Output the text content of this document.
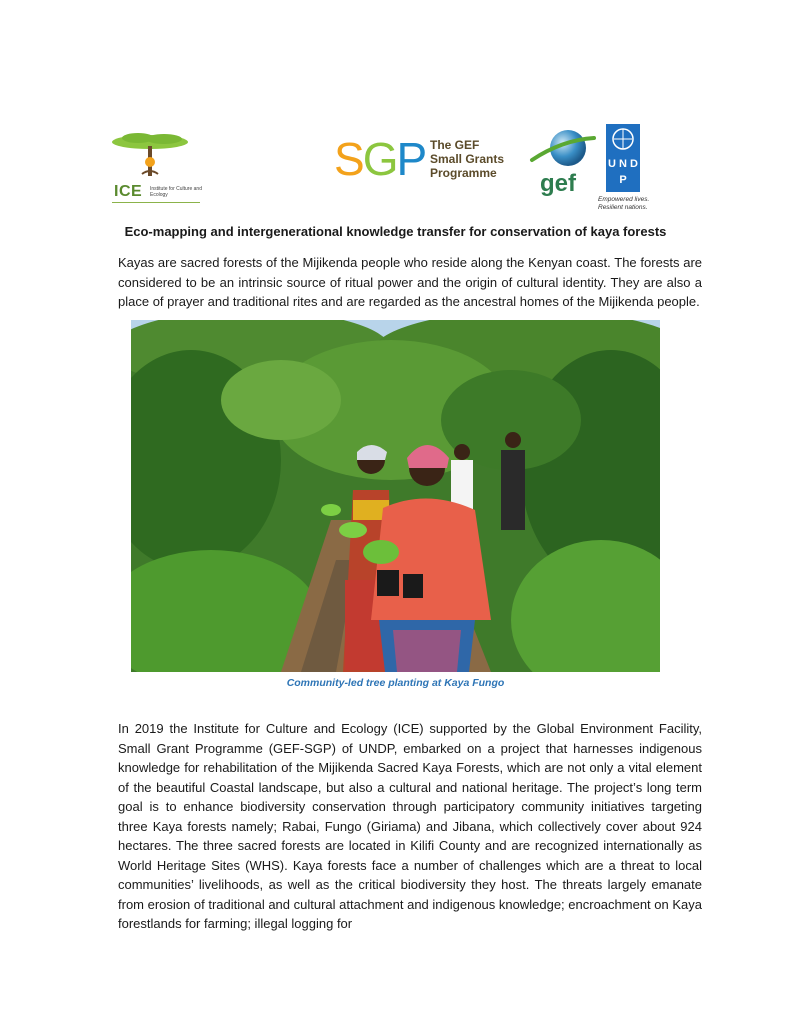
ICE Institute for Culture and Ecology
SGP The GEF
Small Grants
Programme	gef
U N D P
Empowered lives. Resilient nations.
Eco-mapping and intergenerational knowledge transfer for conservation of kaya forests

Kayas are sacred forests of the Mijikenda people who reside along the Kenyan coast. The forests are considered to be an intrinsic source of ritual power and the origin of cultural identity. They are also a place of prayer and traditional rites and are regarded as the ancestral homes of the Mijikenda people.

Community-led tree planting at Kaya Fungo

In 2019 the Institute for Culture and Ecology (ICE) supported by the Global Environment Facility, Small Grant Programme (GEF-SGP) of UNDP, embarked on a project that harnesses indigenous knowledge for rehabilitation of the Mijikenda Sacred Kaya Forests, which are not only a vital element of the beautiful Coastal landscape, but also a cultural and national heritage. The project’s long term goal is to enhance biodiversity conservation through participatory community initiatives targeting three Kaya forests namely; Rabai, Fungo (Giriama) and Jibana, which collectively cover about 924 hectares. The three sacred forests are located in Kilifi County and are recognized internationally as World Heritage Sites (WHS). Kaya forests face a number of challenges which are a threat to local communities’ livelihoods, as well as the critical biodiversity they host. The threats largely emanate from erosion of traditional and cultural attachment and indigenous knowledge; encroachment on Kaya forestlands for farming; illegal logging for
